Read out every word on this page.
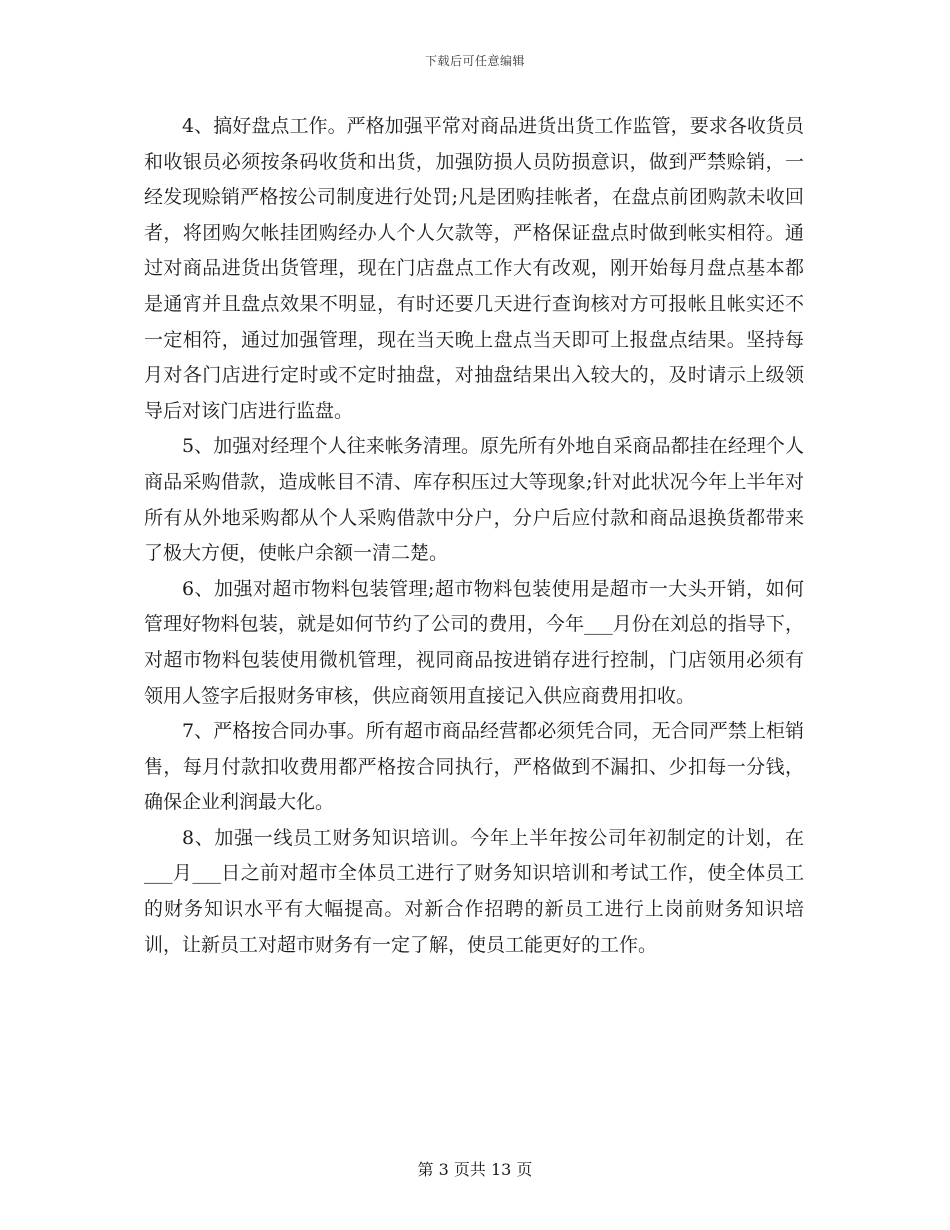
下载后可任意编辑

4、搞好盘点工作。严格加强平常对商品进货出货工作监管，要求各收货员和收银员必须按条码收货和出货，加强防损人员防损意识，做到严禁赊销，一经发现赊销严格按公司制度进行处罚;凡是团购挂帐者，在盘点前团购款未收回者，将团购欠帐挂团购经办人个人欠款等，严格保证盘点时做到帐实相符。通过对商品进货出货管理，现在门店盘点工作大有改观，刚开始每月盘点基本都是通宵并且盘点效果不明显，有时还要几天进行查询核对方可报帐且帐实还不一定相符，通过加强管理，现在当天晚上盘点当天即可上报盘点结果。坚持每月对各门店进行定时或不定时抽盘，对抽盘结果出入较大的，及时请示上级领导后对该门店进行监盘。

5、加强对经理个人往来帐务清理。原先所有外地自采商品都挂在经理个人商品采购借款，造成帐目不清、库存积压过大等现象;针对此状况今年上半年对所有从外地采购都从个人采购借款中分户，分户后应付款和商品退换货都带来了极大方便，使帐户余额一清二楚。

6、加强对超市物料包装管理;超市物料包装使用是超市一大头开销，如何管理好物料包装，就是如何节约了公司的费用，今年___月份在刘总的指导下，对超市物料包装使用微机管理，视同商品按进销存进行控制，门店领用必须有领用人签字后报财务审核，供应商领用直接记入供应商费用扣收。

7、严格按合同办事。所有超市商品经营都必须凭合同，无合同严禁上柜销售，每月付款扣收费用都严格按合同执行，严格做到不漏扣、少扣每一分钱，确保企业利润最大化。

8、加强一线员工财务知识培训。今年上半年按公司年初制定的计划，在___月___日之前对超市全体员工进行了财务知识培训和考试工作，使全体员工的财务知识水平有大幅提高。对新合作招聘的新员工进行上岗前财务知识培训，让新员工对超市财务有一定了解，使员工能更好的工作。

第 3 页共 13 页
